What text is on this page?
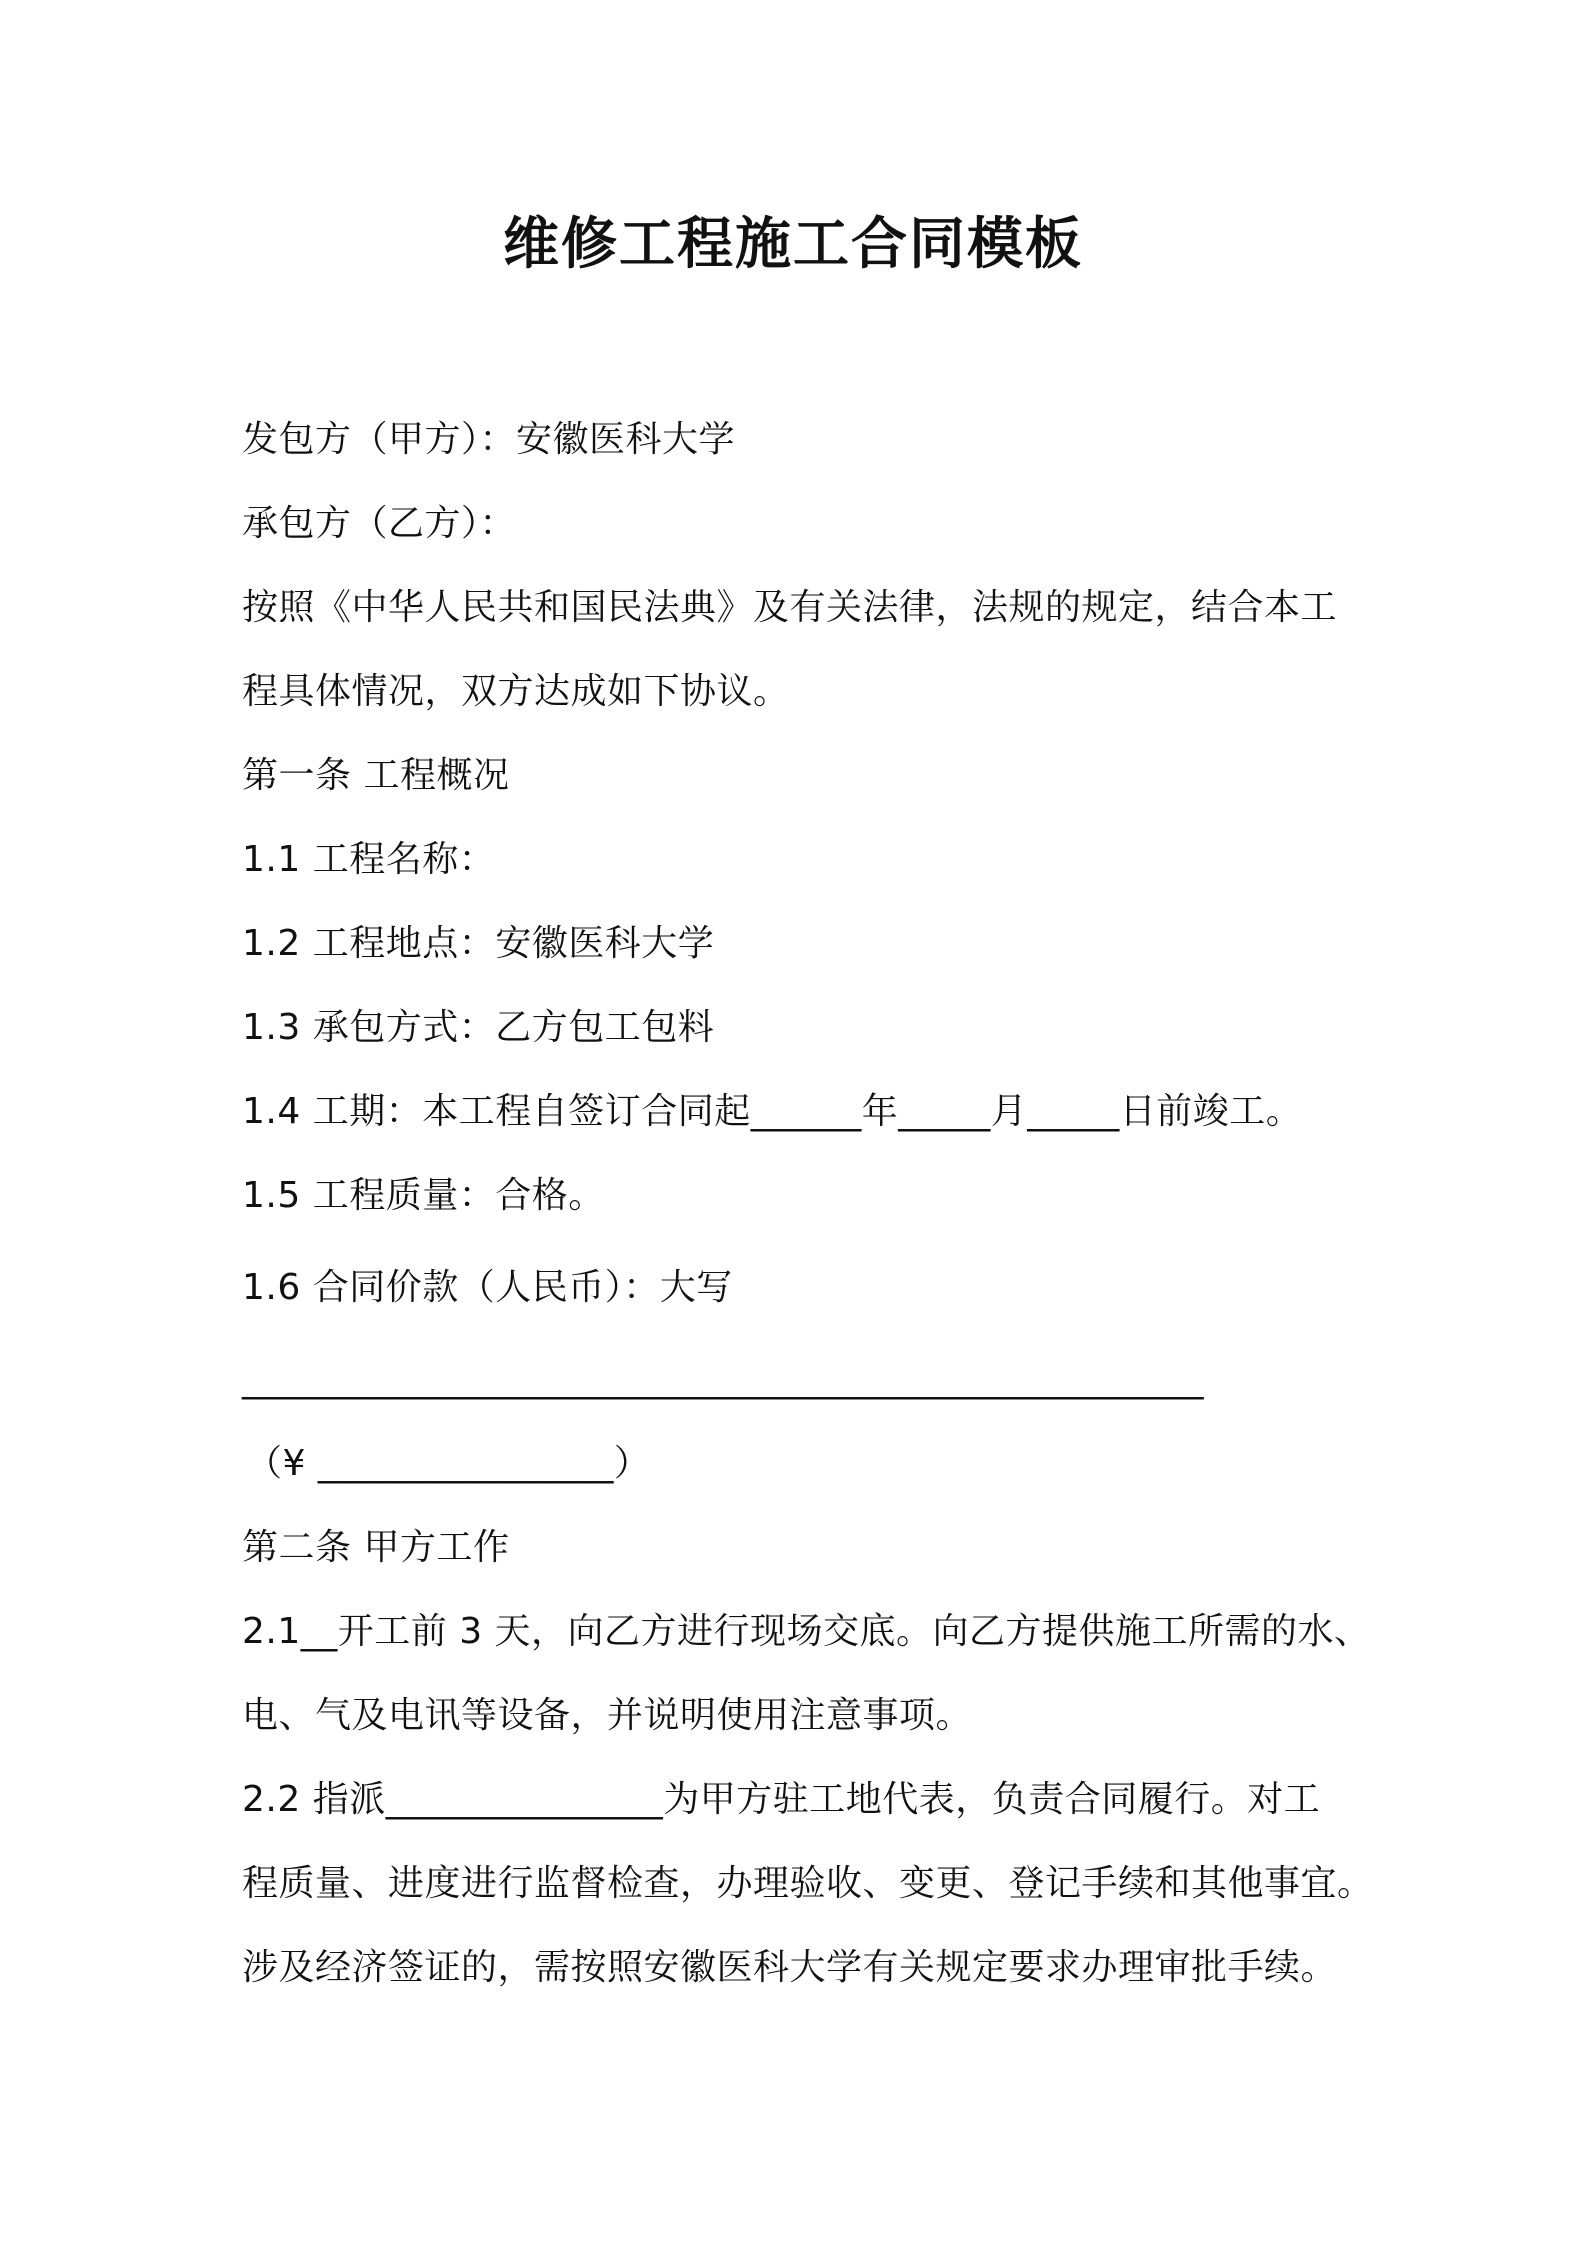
维修工程施工合同模板
发包方（甲方）：安徽医科大学
承包方（乙方）：
按照《中华人民共和国民法典》及有关法律，法规的规定，结合本工
程具体情况，双方达成如下协议。
第一条 工程概况
1.1 工程名称：
1.2 工程地点：安徽医科大学
1.3 承包方式：乙方包工包料
1.4 工期：本工程自签订合同起______年_____月_____日前竣工。
1.5 工程质量：合格。
1.6 合同价款（人民币）：大写
____________________________________________________
（¥ ________________）
第二条 甲方工作
2.1__开工前 3 天，向乙方进行现场交底。向乙方提供施工所需的水、
电、气及电讯等设备，并说明使用注意事项。
2.2 指派_______________为甲方驻工地代表，负责合同履行。对工
程质量、进度进行监督检查，办理验收、变更、登记手续和其他事宜。
涉及经济签证的，需按照安徽医科大学有关规定要求办理审批手续。
